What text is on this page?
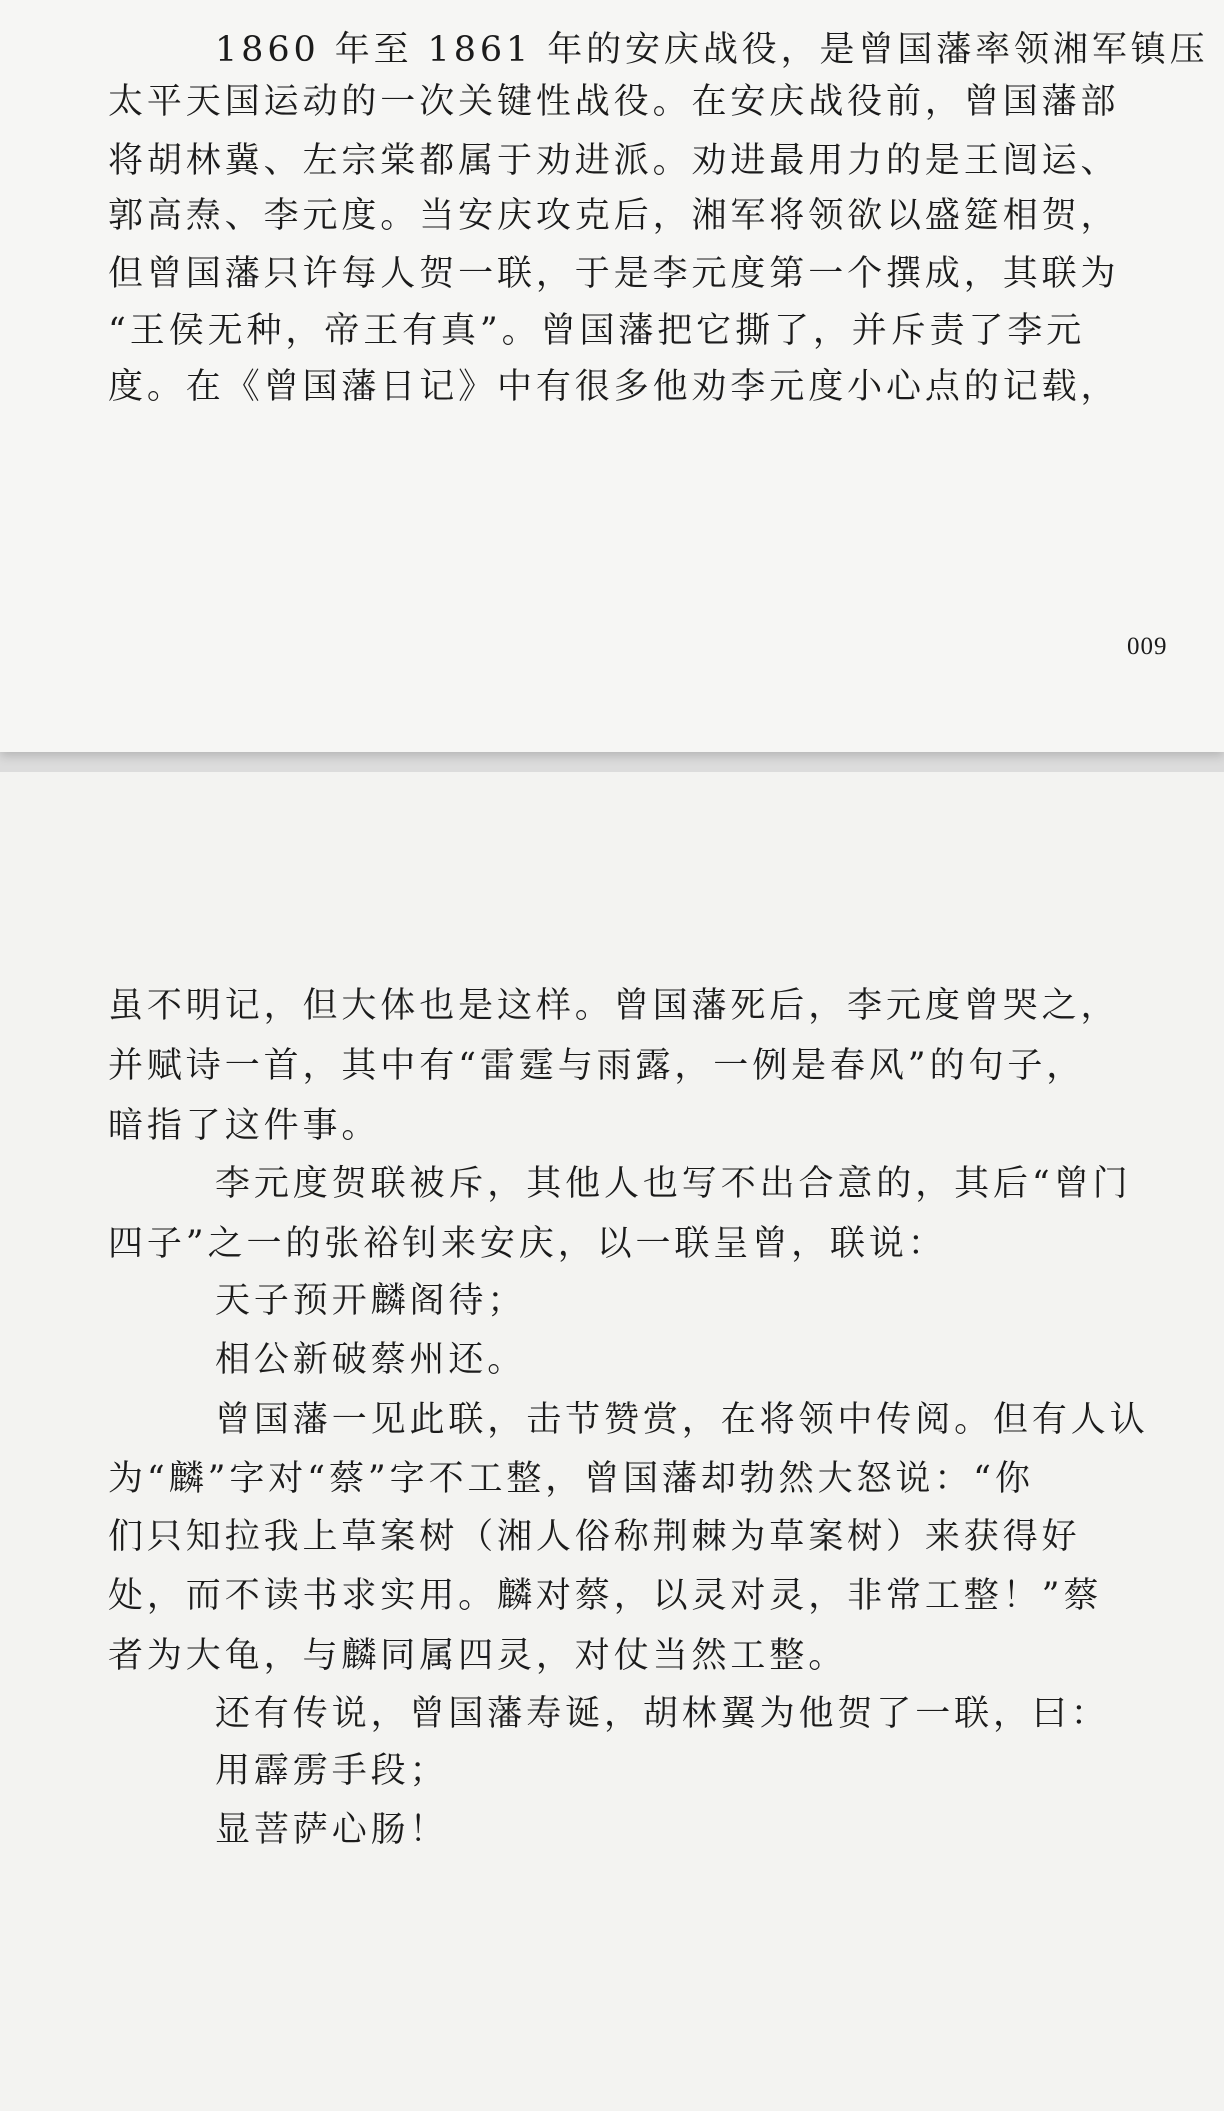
1860 年至 1861 年的安庆战役，是曾国藩率领湘军镇压
太平天国运动的一次关键性战役。在安庆战役前，曾国藩部
将胡林冀、左宗棠都属于劝进派。劝进最用力的是王闿运、
郭高焘、李元度。当安庆攻克后，湘军将领欲以盛筵相贺，
但曾国藩只许每人贺一联，于是李元度第一个撰成，其联为
“王侯无种，帝王有真”。曾国藩把它撕了，并斥责了李元
度。在《曾国藩日记》中有很多他劝李元度小心点的记载，
009
虽不明记，但大体也是这样。曾国藩死后，李元度曾哭之，
并赋诗一首，其中有“雷霆与雨露，一例是春风”的句子，
暗指了这件事。
李元度贺联被斥，其他人也写不出合意的，其后“曾门
四子”之一的张裕钊来安庆，以一联呈曾，联说：
天子预开麟阁待；
相公新破蔡州还。
曾国藩一见此联，击节赞赏，在将领中传阅。但有人认
为“麟”字对“蔡”字不工整，曾国藩却勃然大怒说：“你
们只知拉我上草案树（湘人俗称荆棘为草案树）来获得好
处，而不读书求实用。麟对蔡，以灵对灵，非常工整！”蔡
者为大龟，与麟同属四灵，对仗当然工整。
还有传说，曾国藩寿诞，胡林翼为他贺了一联，曰：
用霹雳手段；
显菩萨心肠！
